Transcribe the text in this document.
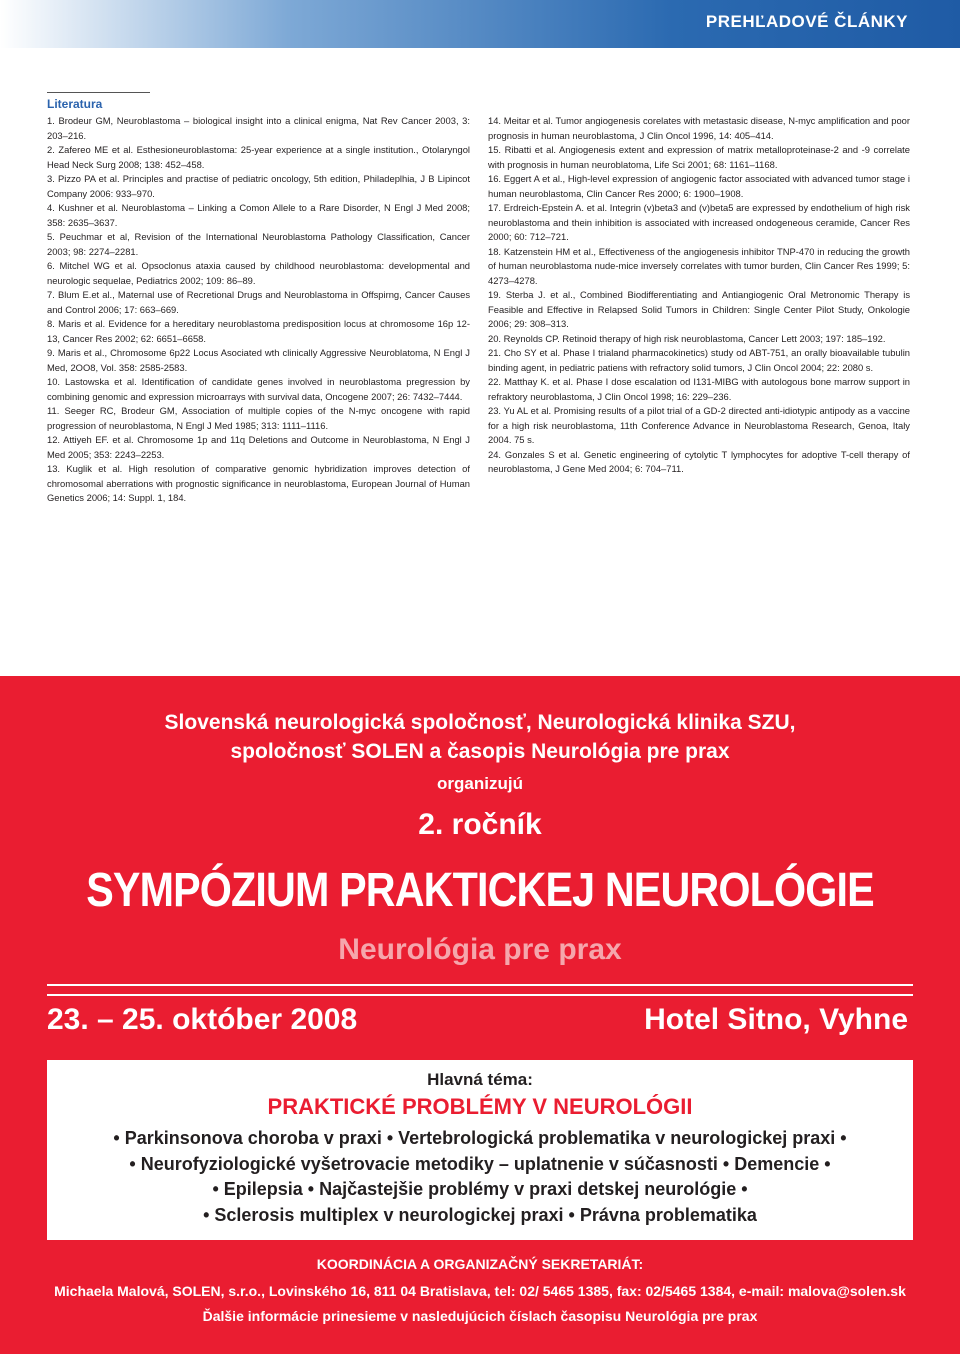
PREHĽADOVÉ ČLÁNKY
Literatura
1. Brodeur GM, Neuroblastoma – biological insight into a clinical enigma, Nat Rev Cancer 2003, 3: 203–216.
2. Zafereo ME et al. Esthesioneuroblastoma: 25-year experience at a single institution., Otolaryngol Head Neck Surg 2008; 138: 452–458.
3. Pizzo PA et al. Principles and practise of pediatric oncology, 5th edition, Philadeplhia, J B Lipincot Company 2006: 933–970.
4. Kushner et al. Neuroblastoma – Linking a Comon Allele to a Rare Disorder, N Engl J Med 2008; 358: 2635–3637.
5. Peuchmar et al, Revision of the International Neuroblastoma Pathology Classification, Cancer 2003; 98: 2274–2281.
6. Mitchel WG et al. Opsoclonus ataxia caused by childhood neuroblastoma: developmental and neurologic sequelae, Pediatrics 2002; 109: 86–89.
7. Blum E.et al., Maternal use of Recretional Drugs and Neuroblastoma in Offspirng, Cancer Causes and Control 2006; 17: 663–669.
8. Maris et al. Evidence for a hereditary neuroblastoma predisposition locus at chromosome 16p 12-13, Cancer Res 2002; 62: 6651–6658.
9. Maris et al., Chromosome 6p22 Locus Asociated wth clinically Aggressive Neuroblatoma, N Engl J Med, 2OO8, Vol. 358: 2585-2583.
10. Lastowska et al. Identification of candidate genes involved in neuroblastoma pregression by combining genomic and expression microarrays with survival data, Oncogene 2007; 26: 7432–7444.
11. Seeger RC, Brodeur GM, Association of multiple copies of the N-myc oncogene with rapid progression of neuroblastoma, N Engl J Med 1985; 313: 1111–1116.
12. Attiyeh EF. et al. Chromosome 1p and 11q Deletions and Outcome in Neuroblastoma, N Engl J Med 2005; 353: 2243–2253.
13. Kuglik et al. High resolution of comparative genomic hybridization improves detection of chromosomal aberrations with prognostic significance in neuroblastoma, European Journal of Human Genetics 2006; 14: Suppl. 1, 184.
14. Meitar et al. Tumor angiogenesis corelates with metastasic disease, N-myc amplification and poor prognosis in human neuroblastoma, J Clin Oncol 1996, 14: 405–414.
15. Ribatti et al. Angiogenesis extent and expression of matrix metalloproteinase-2 and -9 correlate with prognosis in human neuroblatoma, Life Sci 2001; 68: 1161–1168.
16. Eggert A et al., High-level expression of angiogenic factor associated with advanced tumor stage i human neuroblastoma, Clin Cancer Res 2000; 6: 1900–1908.
17. Erdreich-Epstein A. et al. Integrin (v)beta3 and (v)beta5 are expressed by endothelium of high risk neuroblastoma and thein inhibition is associated with increased ondogeneous ceramide, Cancer Res 2000; 60: 712–721.
18. Katzenstein HM et al., Effectiveness of the angiogenesis inhibitor TNP-470 in reducing the growth of human neuroblastoma nude-mice inversely correlates with tumor burden, Clin Cancer Res 1999; 5: 4273–4278.
19. Sterba J. et al., Combined Biodifferentiating and Antiangiogenic Oral Metronomic Therapy is Feasible and Effective in Relapsed Solid Tumors in Children: Single Center Pilot Study, Onkologie 2006; 29: 308–313.
20. Reynolds CP. Retinoid therapy of high risk neuroblastoma, Cancer Lett 2003; 197: 185–192.
21. Cho SY et al. Phase I trialand pharmacokinetics) study od ABT-751, an orally bioavailable tubulin binding agent, in pediatric patiens with refractory solid tumors, J Clin Oncol 2004; 22: 2080 s.
22. Matthay K. et al. Phase I dose escalation od I131-MIBG with autologous bone marrow support in refraktory neuroblastoma, J Clin Oncol 1998; 16: 229–236.
23. Yu AL et al. Promising results of a pilot trial of a GD-2 directed anti-idiotypic antipody as a vaccine for a high risk neuroblastoma, 11th Conference Advance in Neuroblastoma Research, Genoa, Italy 2004. 75 s.
24. Gonzales S et al. Genetic engineering of cytolytic T lymphocytes for adoptive T-cell therapy of neuroblastoma, J Gene Med 2004; 6: 704–711.
Slovenská neurologická spoločnosť, Neurologická klinika SZU,
spoločnosť SOLEN a časopis Neurológia pre prax
organizujú
2. ročník
SYMPÓZIUM PRAKTICKEJ NEUROLÓGIE
Neurológia pre prax
23. – 25. október 2008	Hotel Sitno, Vyhne
Hlavná téma:
PRAKTICKÉ PROBLÉMY V NEUROLÓGII
• Parkinsonova choroba v praxi • Vertebrologická problematika v neurologickej praxi •
• Neurofyziologické vyšetrovacie metodiky – uplatnenie v súčasnosti • Demencie •
• Epilepsia • Najčastejšie problémy v praxi detskej neurológie •
• Sclerosis multiplex v neurologickej praxi • Právna problematika
KOORDINÁCIA A ORGANIZAČNÝ SEKRETARIÁT:
Michaela Malová, SOLEN, s.r.o., Lovinského 16, 811 04 Bratislava, tel: 02/ 5465 1385, fax: 02/5465 1384, e-mail: malova@solen.sk
Ďalšie informácie prinesieme v nasledujúcich číslach časopisu Neurológia pre prax
